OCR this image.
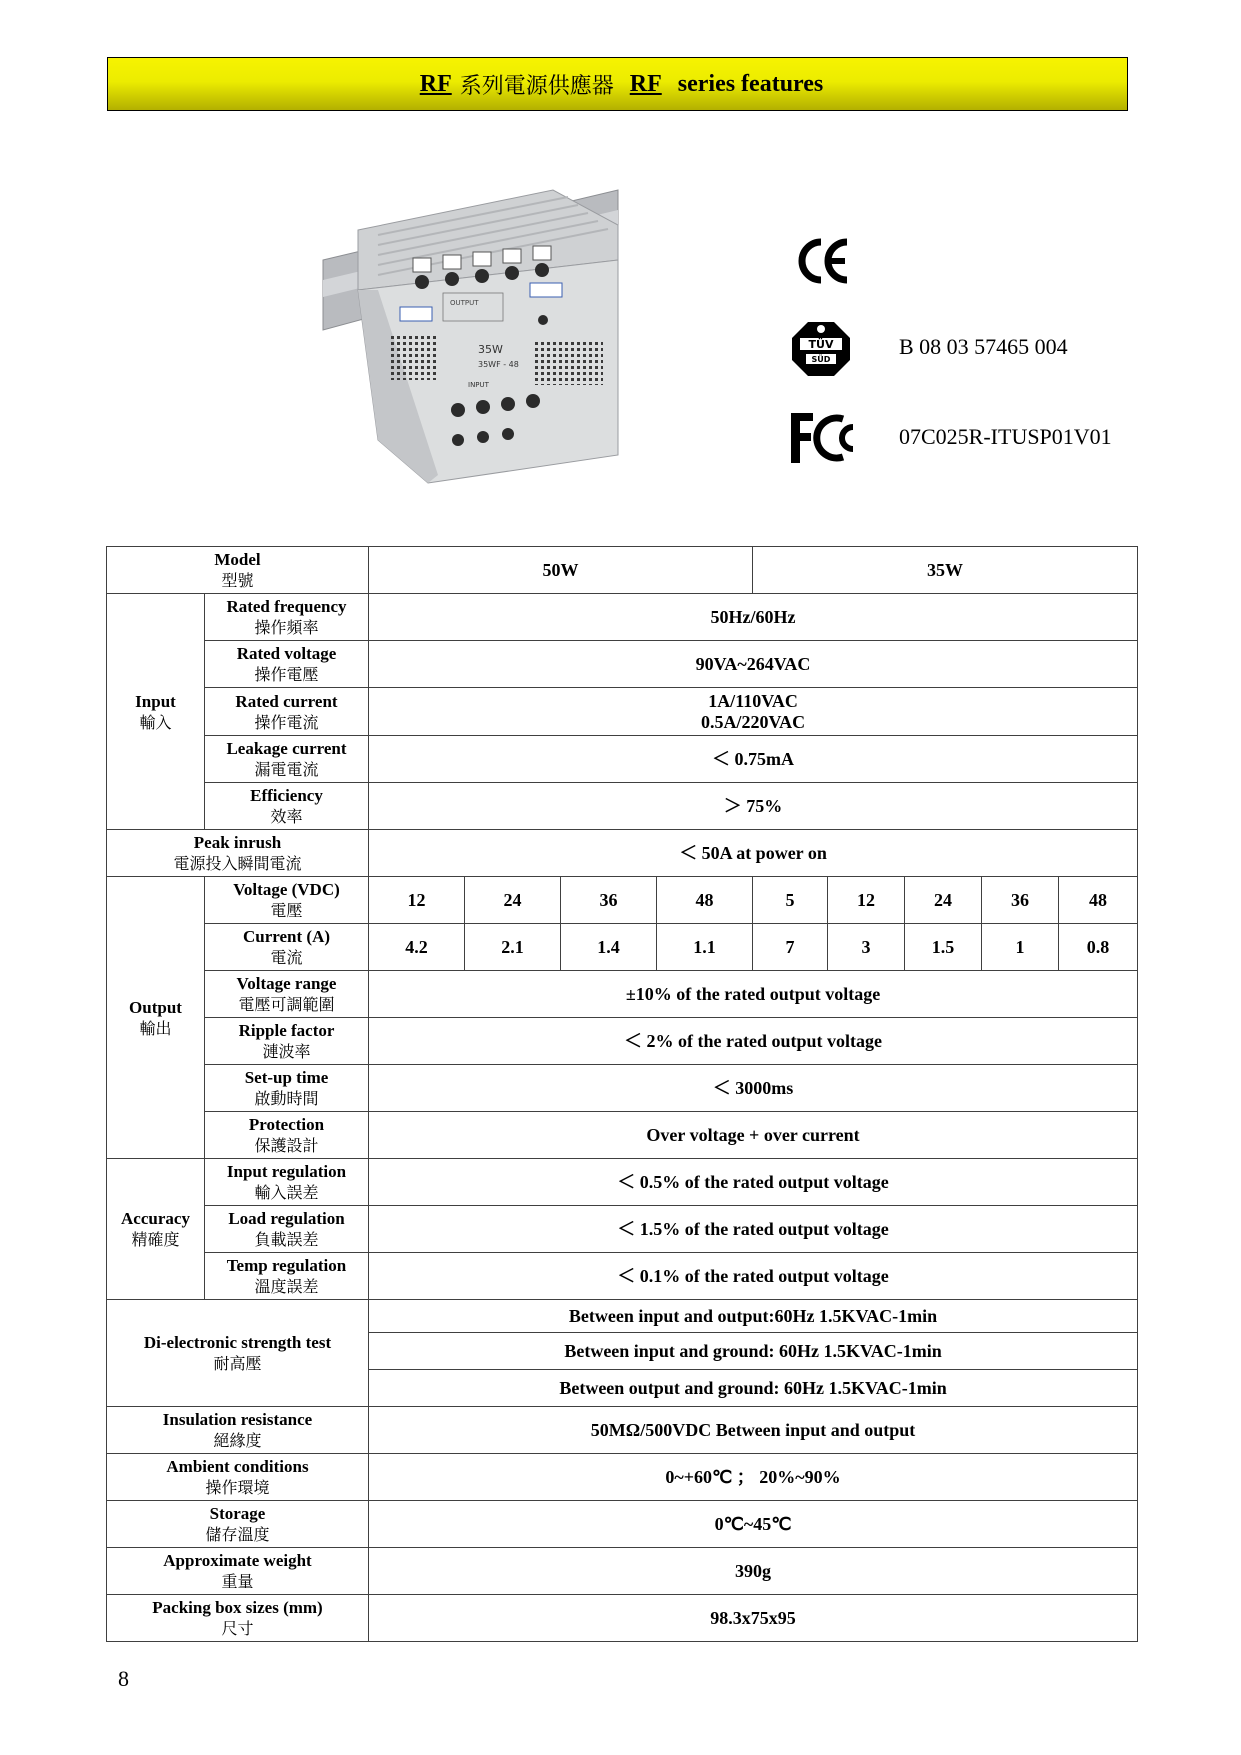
RF 系列電源供應器 RF series features
OUTPUT
35W
35WF - 48
INPUT
TÜV
SÜD
B 08 03 57465 004
07C025R-ITUSP01V01
Model
型號		50W				35W				
Input
輸入	Rated frequency
操作頻率	50Hz/60Hz								
	Rated voltage
操作電壓	90VA~264VAC								
	Rated current
操作電流	1A/110VAC
0.5A/220VAC								
	Leakage current
漏電電流	＜ 0.75mA								
	Efficiency
效率	＞ 75%								
Peak inrush
電源投入瞬間電流		＜ 50A at power on								
Output
輸出	Voltage (VDC)
電壓	12	24	36	48	5	12	24	36	48
	Current (A)
電流	4.2	2.1	1.4	1.1	7	3	1.5	1	0.8
	Voltage range
電壓可調範圍	±10% of the rated output voltage								
	Ripple factor
漣波率	＜ 2% of the rated output voltage								
	Set-up time
啟動時間	＜ 3000ms								
	Protection
保護設計	Over voltage + over current								
Accuracy
精確度	Input regulation
輸入誤差	＜ 0.5% of the rated output voltage								
	Load regulation
負載誤差	＜ 1.5% of the rated output voltage								
	Temp regulation
溫度誤差	＜ 0.1% of the rated output voltage								
Di-electronic strength test
耐高壓		Between input and output:60Hz 1.5KVAC-1min								
		Between input and ground: 60Hz 1.5KVAC-1min								
		Between output and ground: 60Hz 1.5KVAC-1min								
Insulation resistance
絕緣度		50MΩ/500VDC Between input and output								
Ambient conditions
操作環境		0~+60℃ ； 20%~90%								
Storage
儲存溫度		0℃~45℃								
Approximate weight
重量		390g								
Packing box sizes (mm)
尺寸		98.3x75x95								
8
